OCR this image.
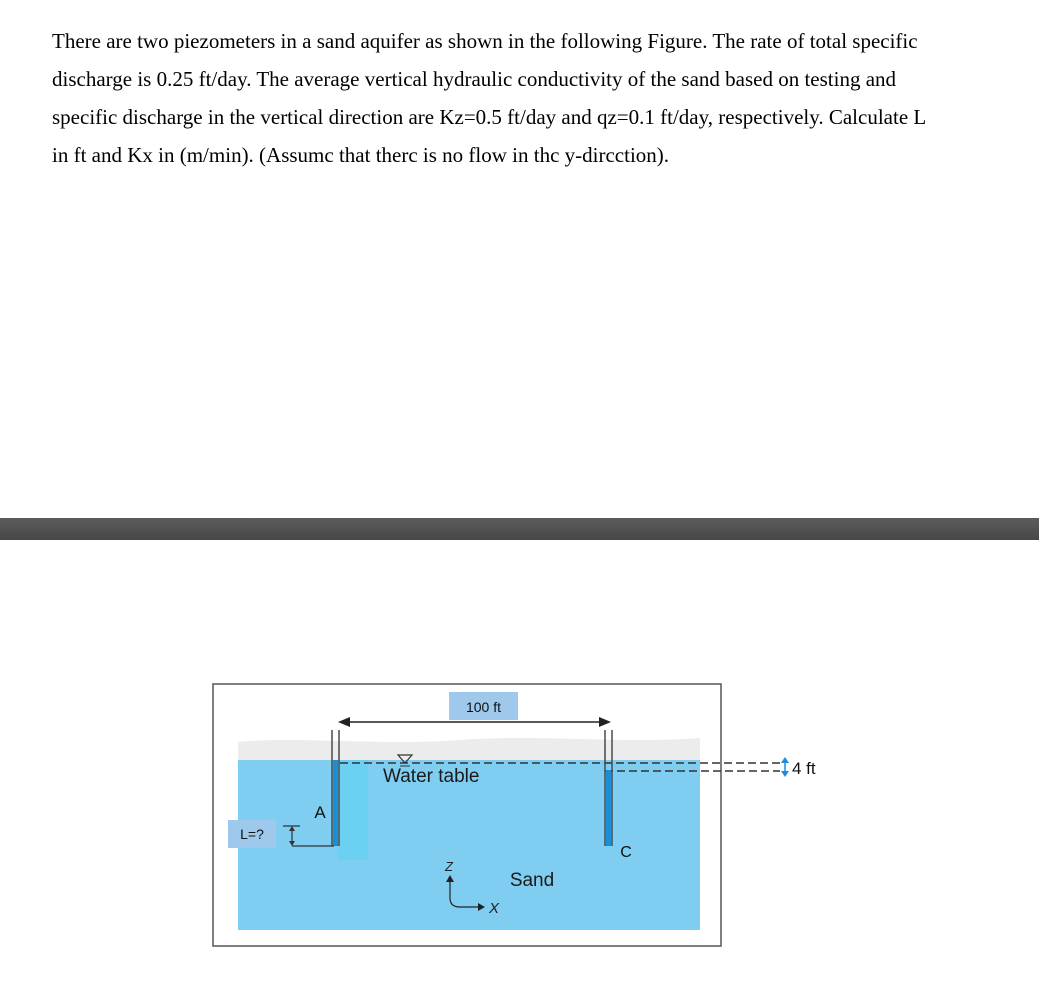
There are two piezometers in a sand aquifer as shown in the following Figure. The rate of total specific
discharge is 0.25 ft/day. The average vertical hydraulic conductivity of the sand based on testing and
specific discharge in the vertical direction are Kz=0.5 ft/day and qz=0.1 ft/day, respectively. Calculate L
in ft and Kx in (m/min). (Assumc that therc is no flow in thc y-dircction).
100 ft
A
C
L=?
Water table	4 ft
Z
X
Sand
